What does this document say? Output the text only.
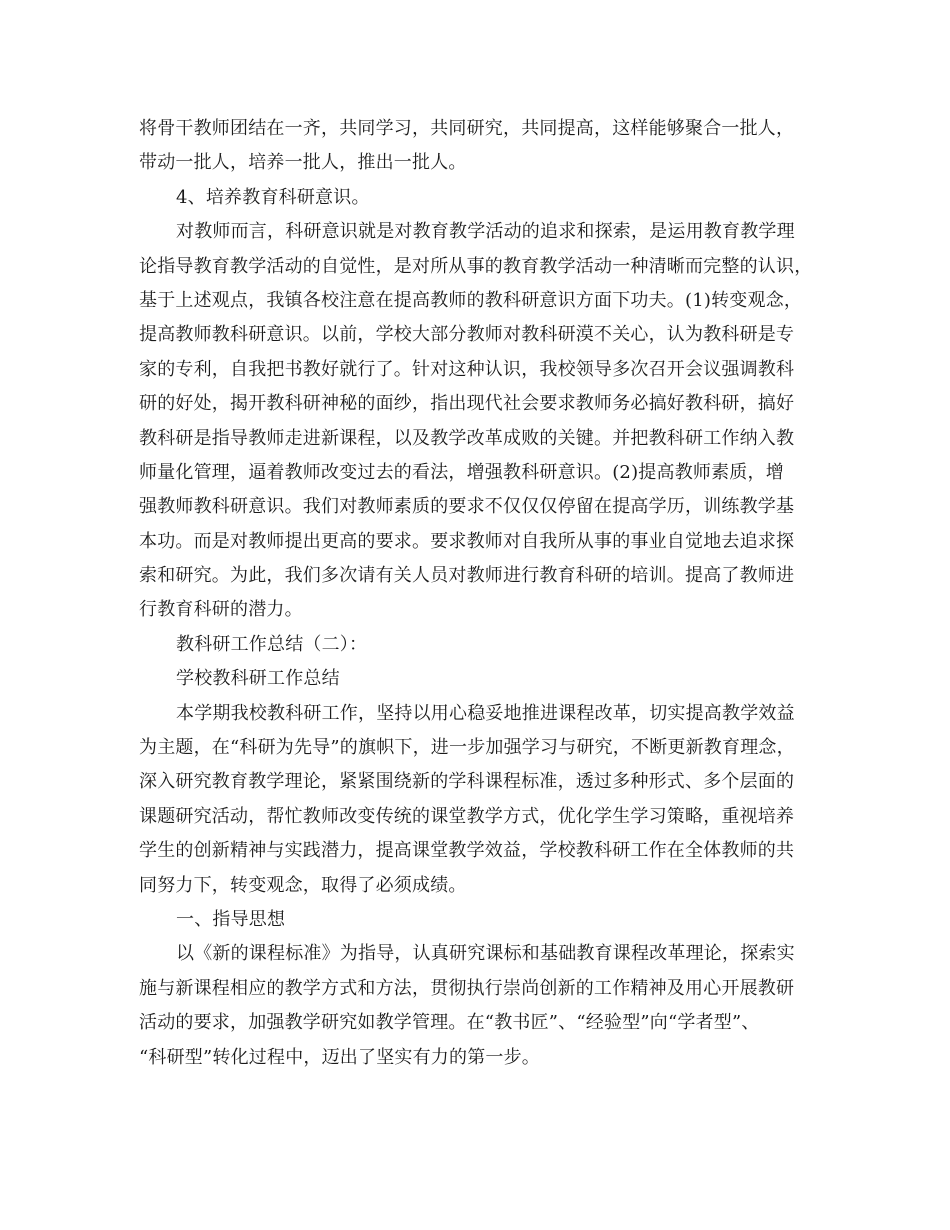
将骨干教师团结在一齐，共同学习，共同研究，共同提高，这样能够聚合一批人，
带动一批人，培养一批人，推出一批人。
4、培养教育科研意识。
对教师而言，科研意识就是对教育教学活动的追求和探索，是运用教育教学理
论指导教育教学活动的自觉性，是对所从事的教育教学活动一种清晰而完整的认识，
基于上述观点，我镇各校注意在提高教师的教科研意识方面下功夫。(1)转变观念，
提高教师教科研意识。以前，学校大部分教师对教科研漠不关心，认为教科研是专
家的专利，自我把书教好就行了。针对这种认识，我校领导多次召开会议强调教科
研的好处，揭开教科研神秘的面纱，指出现代社会要求教师务必搞好教科研，搞好
教科研是指导教师走进新课程，以及教学改革成败的关键。并把教科研工作纳入教
师量化管理，逼着教师改变过去的看法，增强教科研意识。(2)提高教师素质，增
强教师教科研意识。我们对教师素质的要求不仅仅仅停留在提高学历，训练教学基
本功。而是对教师提出更高的要求。要求教师对自我所从事的事业自觉地去追求探
索和研究。为此，我们多次请有关人员对教师进行教育科研的培训。提高了教师进
行教育科研的潜力。
教科研工作总结（二）：
学校教科研工作总结
本学期我校教科研工作，坚持以用心稳妥地推进课程改革，切实提高教学效益
为主题，在“科研为先导”的旗帜下，进一步加强学习与研究，不断更新教育理念，
深入研究教育教学理论，紧紧围绕新的学科课程标准，透过多种形式、多个层面的
课题研究活动，帮忙教师改变传统的课堂教学方式，优化学生学习策略，重视培养
学生的创新精神与实践潜力，提高课堂教学效益，学校教科研工作在全体教师的共
同努力下，转变观念，取得了必须成绩。
一、指导思想
以《新的课程标准》为指导，认真研究课标和基础教育课程改革理论，探索实
施与新课程相应的教学方式和方法，贯彻执行崇尚创新的工作精神及用心开展教研
活动的要求，加强教学研究如教学管理。在“教书匠”、“经验型”向“学者型”、
“科研型”转化过程中，迈出了坚实有力的第一步。
